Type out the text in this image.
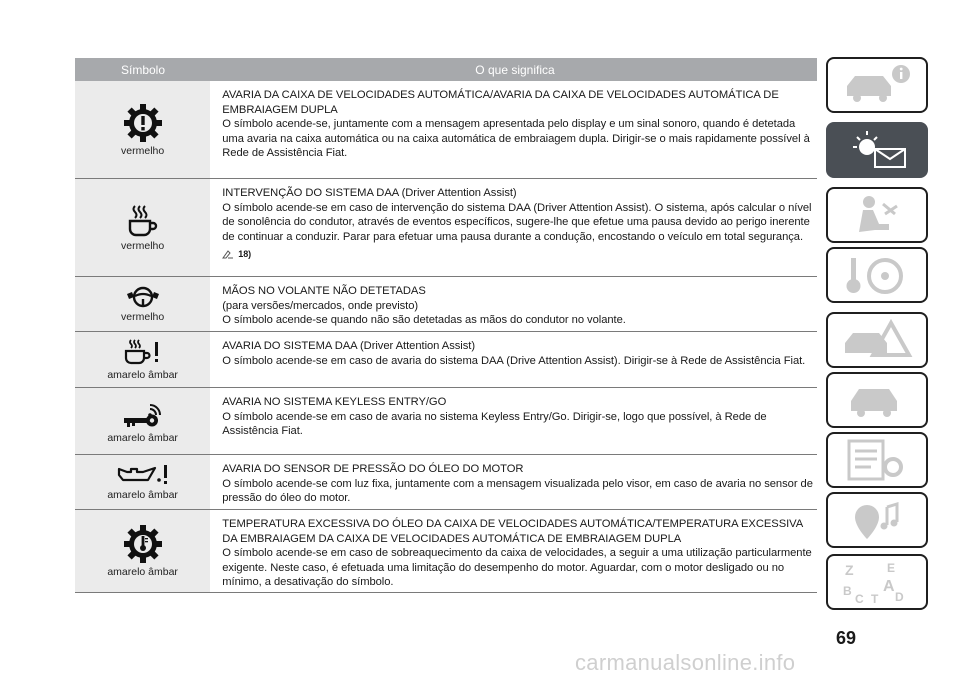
Símbolo	O que significa
vermelho

AVARIA DA CAIXA DE VELOCIDADES AUTOMÁTICA/AVARIA DA CAIXA DE VELOCIDADES AUTOMÁTICA DE EMBRAIAGEM DUPLA

O símbolo acende-se, juntamente com a mensagem apresentada pelo display e um sinal sonoro, quando é detetada uma avaria na caixa automática ou na caixa automática de embraiagem dupla. Dirigir-se o mais rapidamente possível à Rede de Assistência Fiat.

vermelho

INTERVENÇÃO DO SISTEMA DAA (Driver Attention Assist)

O símbolo acende-se em caso de intervenção do sistema DAA (Driver Attention Assist). O sistema, após calcular o nível de sonolência do condutor, através de eventos específicos, sugere-lhe que efetue uma pausa devido ao perigo inerente de continuar a conduzir. Parar para efetuar uma pausa durante a condução, encostando o veículo em total segurança.

18)
vermelho

MÃOS NO VOLANTE NÃO DETETADAS

(para versões/mercados, onde previsto)

O símbolo acende-se quando não são detetadas as mãos do condutor no volante.

amarelo âmbar

AVARIA DO SISTEMA DAA (Driver Attention Assist)

O símbolo acende-se em caso de avaria do sistema DAA (Drive Attention Assist). Dirigir-se à Rede de Assistência Fiat.

amarelo âmbar

AVARIA NO SISTEMA KEYLESS ENTRY/GO

O símbolo acende-se em caso de avaria no sistema Keyless Entry/Go. Dirigir-se, logo que possível, à Rede de Assistência Fiat.

amarelo âmbar

AVARIA DO SENSOR DE PRESSÃO DO ÓLEO DO MOTOR

O símbolo acende-se com luz fixa, juntamente com a mensagem visualizada pelo visor, em caso de avaria no sensor de pressão do óleo do motor.

amarelo âmbar

TEMPERATURA EXCESSIVA DO ÓLEO DA CAIXA DE VELOCIDADES AUTOMÁTICA/TEMPERATURA EXCESSIVA DA EMBRAIAGEM DA CAIXA DE VELOCIDADES AUTOMÁTICA DE EMBRAIAGEM DUPLA

O símbolo acende-se em caso de sobreaquecimento da caixa de velocidades, a seguir a uma utilização particularmente exigente. Neste caso, é efetuada uma limitação do desempenho do motor. Aguardar, com o motor desligado ou no mínimo, a desativação do símbolo.

Z	E
B A
C T D
69
carmanualsonline.info
